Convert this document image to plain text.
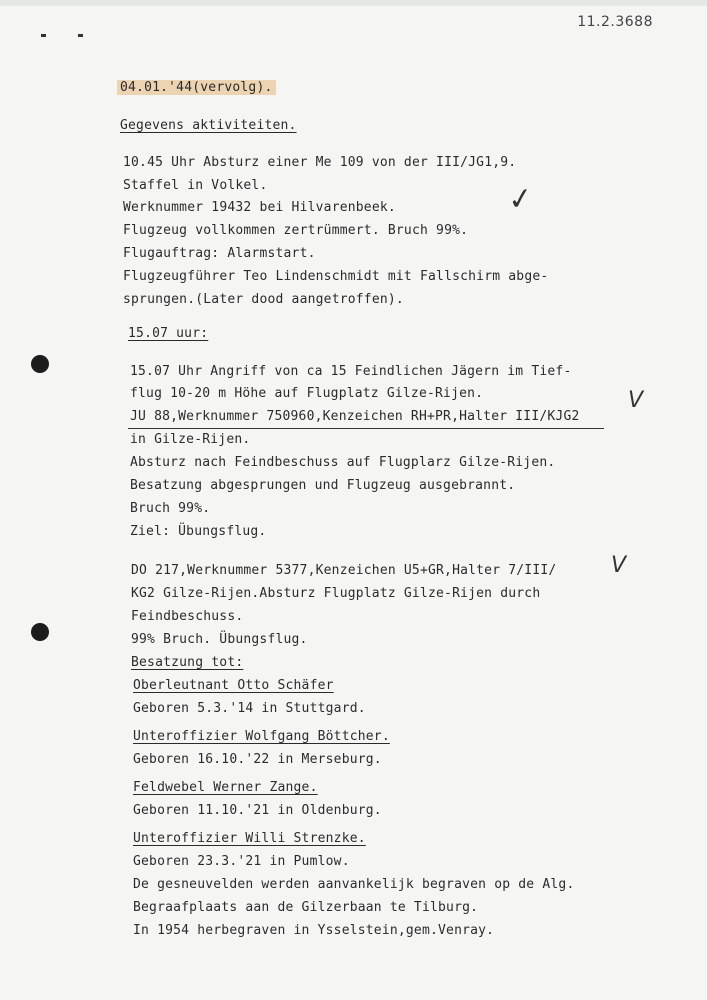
11.2.3688
04.01.'44(vervolg).
Gegevens aktiviteiten.
10.45 Uhr Absturz einer Me 109 von der III/JG1,9.
Staffel in Volkel.
Werknummer 19432 bei Hilvarenbeek.
Flugzeug vollkommen zertrümmert. Bruch 99%.
Flugauftrag: Alarmstart.
Flugzeugführer Teo Lindenschmidt mit Fallschirm abge-
sprungen.(Later dood aangetroffen).
✓
15.07 uur:
15.07 Uhr Angriff von ca 15 Feindlichen Jägern im Tief-
flug 10-20 m Höhe auf Flugplatz Gilze-Rijen.
JU 88,Werknummer 750960,Kenzeichen RH+PR,Halter III/KJG2
in Gilze-Rijen.
Absturz nach Feindbeschuss auf Flugplarz Gilze-Rijen.
Besatzung abgesprungen und Flugzeug ausgebrannt.
Bruch 99%.
Ziel: Übungsflug.
V
DO 217,Werknummer 5377,Kenzeichen U5+GR,Halter 7/III/
KG2 Gilze-Rijen.Absturz Flugplatz Gilze-Rijen durch
Feindbeschuss.
99% Bruch. Übungsflug.
Besatzung tot:
V
Oberleutnant Otto Schäfer
Geboren 5.3.'14 in Stuttgard.
Unteroffizier Wolfgang Böttcher.
Geboren 16.10.'22 in Merseburg.
Feldwebel Werner Zange.
Geboren 11.10.'21 in Oldenburg.
Unteroffizier Willi Strenzke.
Geboren 23.3.'21 in Pumlow.
De gesneuvelden werden aanvankelijk begraven op de Alg.
Begraafplaats aan de Gilzerbaan te Tilburg.
In 1954 herbegraven in Ysselstein,gem.Venray.
